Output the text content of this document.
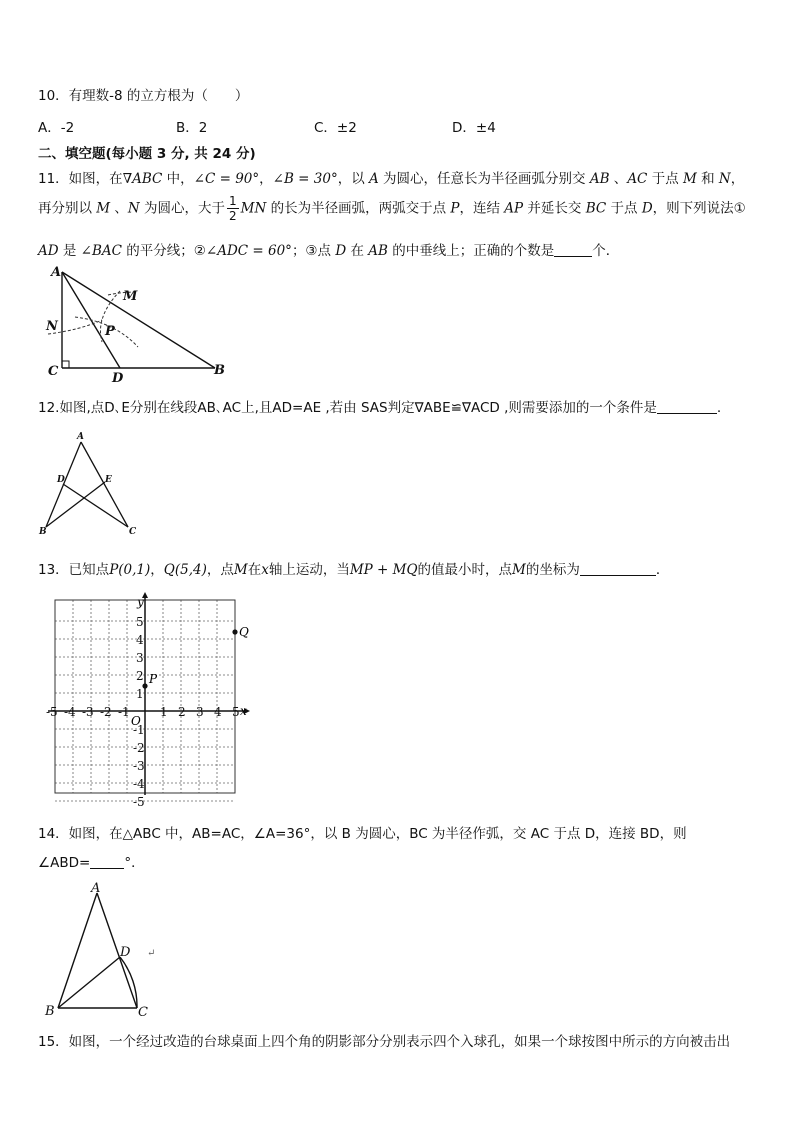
10．有理数-8 的立方根为（　　）
A．-2	B．2	C．±2	D．±4
二、填空题(每小题 3 分, 共 24 分)
11．如图，在∇ABC 中，∠C = 90°，∠B = 30°，以 A 为圆心，任意长为半径画弧分别交 AB 、AC 于点 M 和 N，
再分别以 M 、N 为圆心，大于 $\frac{1}{2}$ MN 的长为半径画弧，两弧交于点 P，连结 AP 并延长交 BC 于点 D，则下列说法①
AD 是 ∠BAC 的平分线；②∠ADC = 60°；③点 D 在 AB 的中垂线上；正确的个数是	个．
A
M
N	P
C	D
B
12.如图,点D､E分别在线段AB､AC上,且AD=AE ,若由 SAS判定∇ABE≌∇ACD ,则需要添加的一个条件是	.
A
D	E
B	C
13．已知点P(0,1)，Q(5,4)，点M在x轴上运动，当MP + MQ的值最小时，点M的坐标为	．
-5 -4 -3 -2 -1	1 2 3 4 5
5
4
3
2
1
-1
-2
-3
-4
-5
x
y
O
P
Q
14．如图，在△ABC 中，AB=AC，∠A=36°，以 B 为圆心，BC 为半径作弧，交 AC 于点 D，连接 BD，则
∠ABD=	°．
A
D
B	C
↵
15．如图，一个经过改造的台球桌面上四个角的阴影部分分别表示四个入球孔，如果一个球按图中所示的方向被击出
